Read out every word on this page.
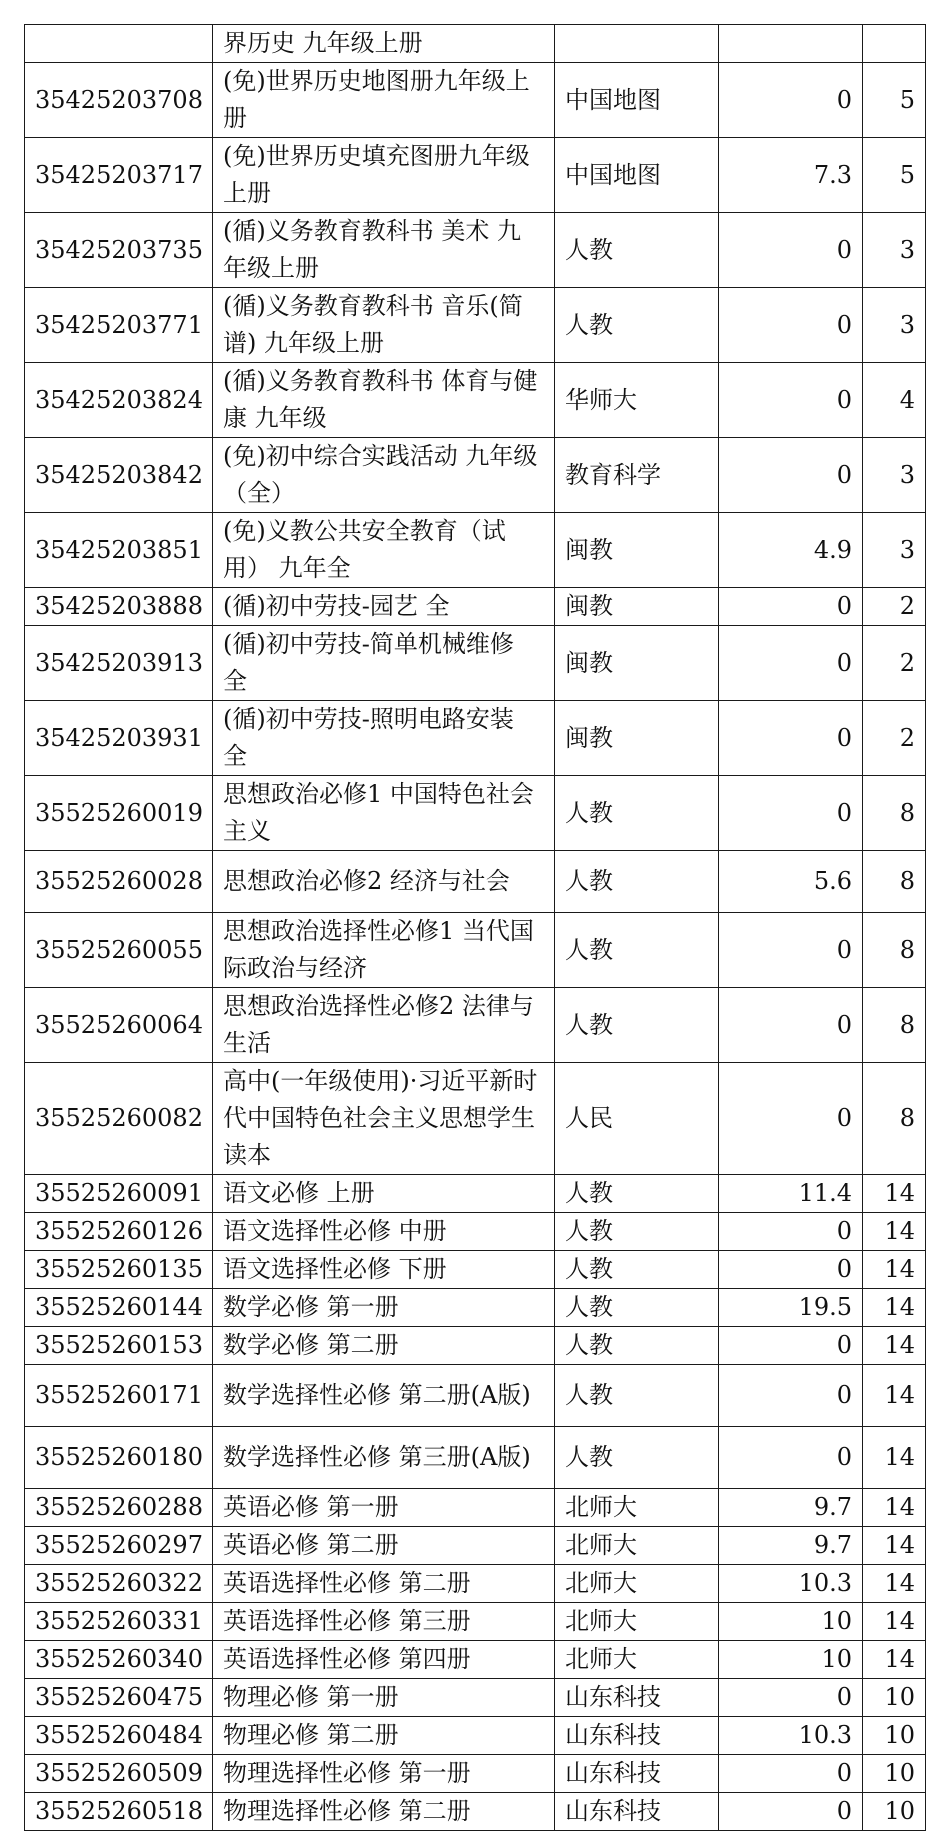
	界历史 九年级上册			
35425203708	(免)世界历史地图册九年级上册	中国地图	0	5
35425203717	(免)世界历史填充图册九年级上册	中国地图	7.3	5
35425203735	(循)义务教育教科书 美术 九年级上册	人教	0	3
35425203771	(循)义务教育教科书 音乐(简谱) 九年级上册	人教	0	3
35425203824	(循)义务教育教科书 体育与健康 九年级	华师大	0	4
35425203842	(免)初中综合实践活动 九年级（全）	教育科学	0	3
35425203851	(免)义教公共安全教育（试用） 九年全	闽教	4.9	3
35425203888	(循)初中劳技-园艺 全	闽教	0	2
35425203913	(循)初中劳技-简单机械维修 全	闽教	0	2
35425203931	(循)初中劳技-照明电路安装 全	闽教	0	2
35525260019	思想政治必修1 中国特色社会主义	人教	0	8
35525260028	思想政治必修2 经济与社会	人教	5.6	8
35525260055	思想政治选择性必修1 当代国际政治与经济	人教	0	8
35525260064	思想政治选择性必修2 法律与生活	人教	0	8
35525260082	高中(一年级使用)·习近平新时代中国特色社会主义思想学生读本	人民	0	8
35525260091	语文必修 上册	人教	11.4	14
35525260126	语文选择性必修 中册	人教	0	14
35525260135	语文选择性必修 下册	人教	0	14
35525260144	数学必修 第一册	人教	19.5	14
35525260153	数学必修 第二册	人教	0	14
35525260171	数学选择性必修 第二册(A版)	人教	0	14
35525260180	数学选择性必修 第三册(A版)	人教	0	14
35525260288	英语必修 第一册	北师大	9.7	14
35525260297	英语必修 第二册	北师大	9.7	14
35525260322	英语选择性必修 第二册	北师大	10.3	14
35525260331	英语选择性必修 第三册	北师大	10	14
35525260340	英语选择性必修 第四册	北师大	10	14
35525260475	物理必修 第一册	山东科技	0	10
35525260484	物理必修 第二册	山东科技	10.3	10
35525260509	物理选择性必修 第一册	山东科技	0	10
35525260518	物理选择性必修 第二册	山东科技	0	10
